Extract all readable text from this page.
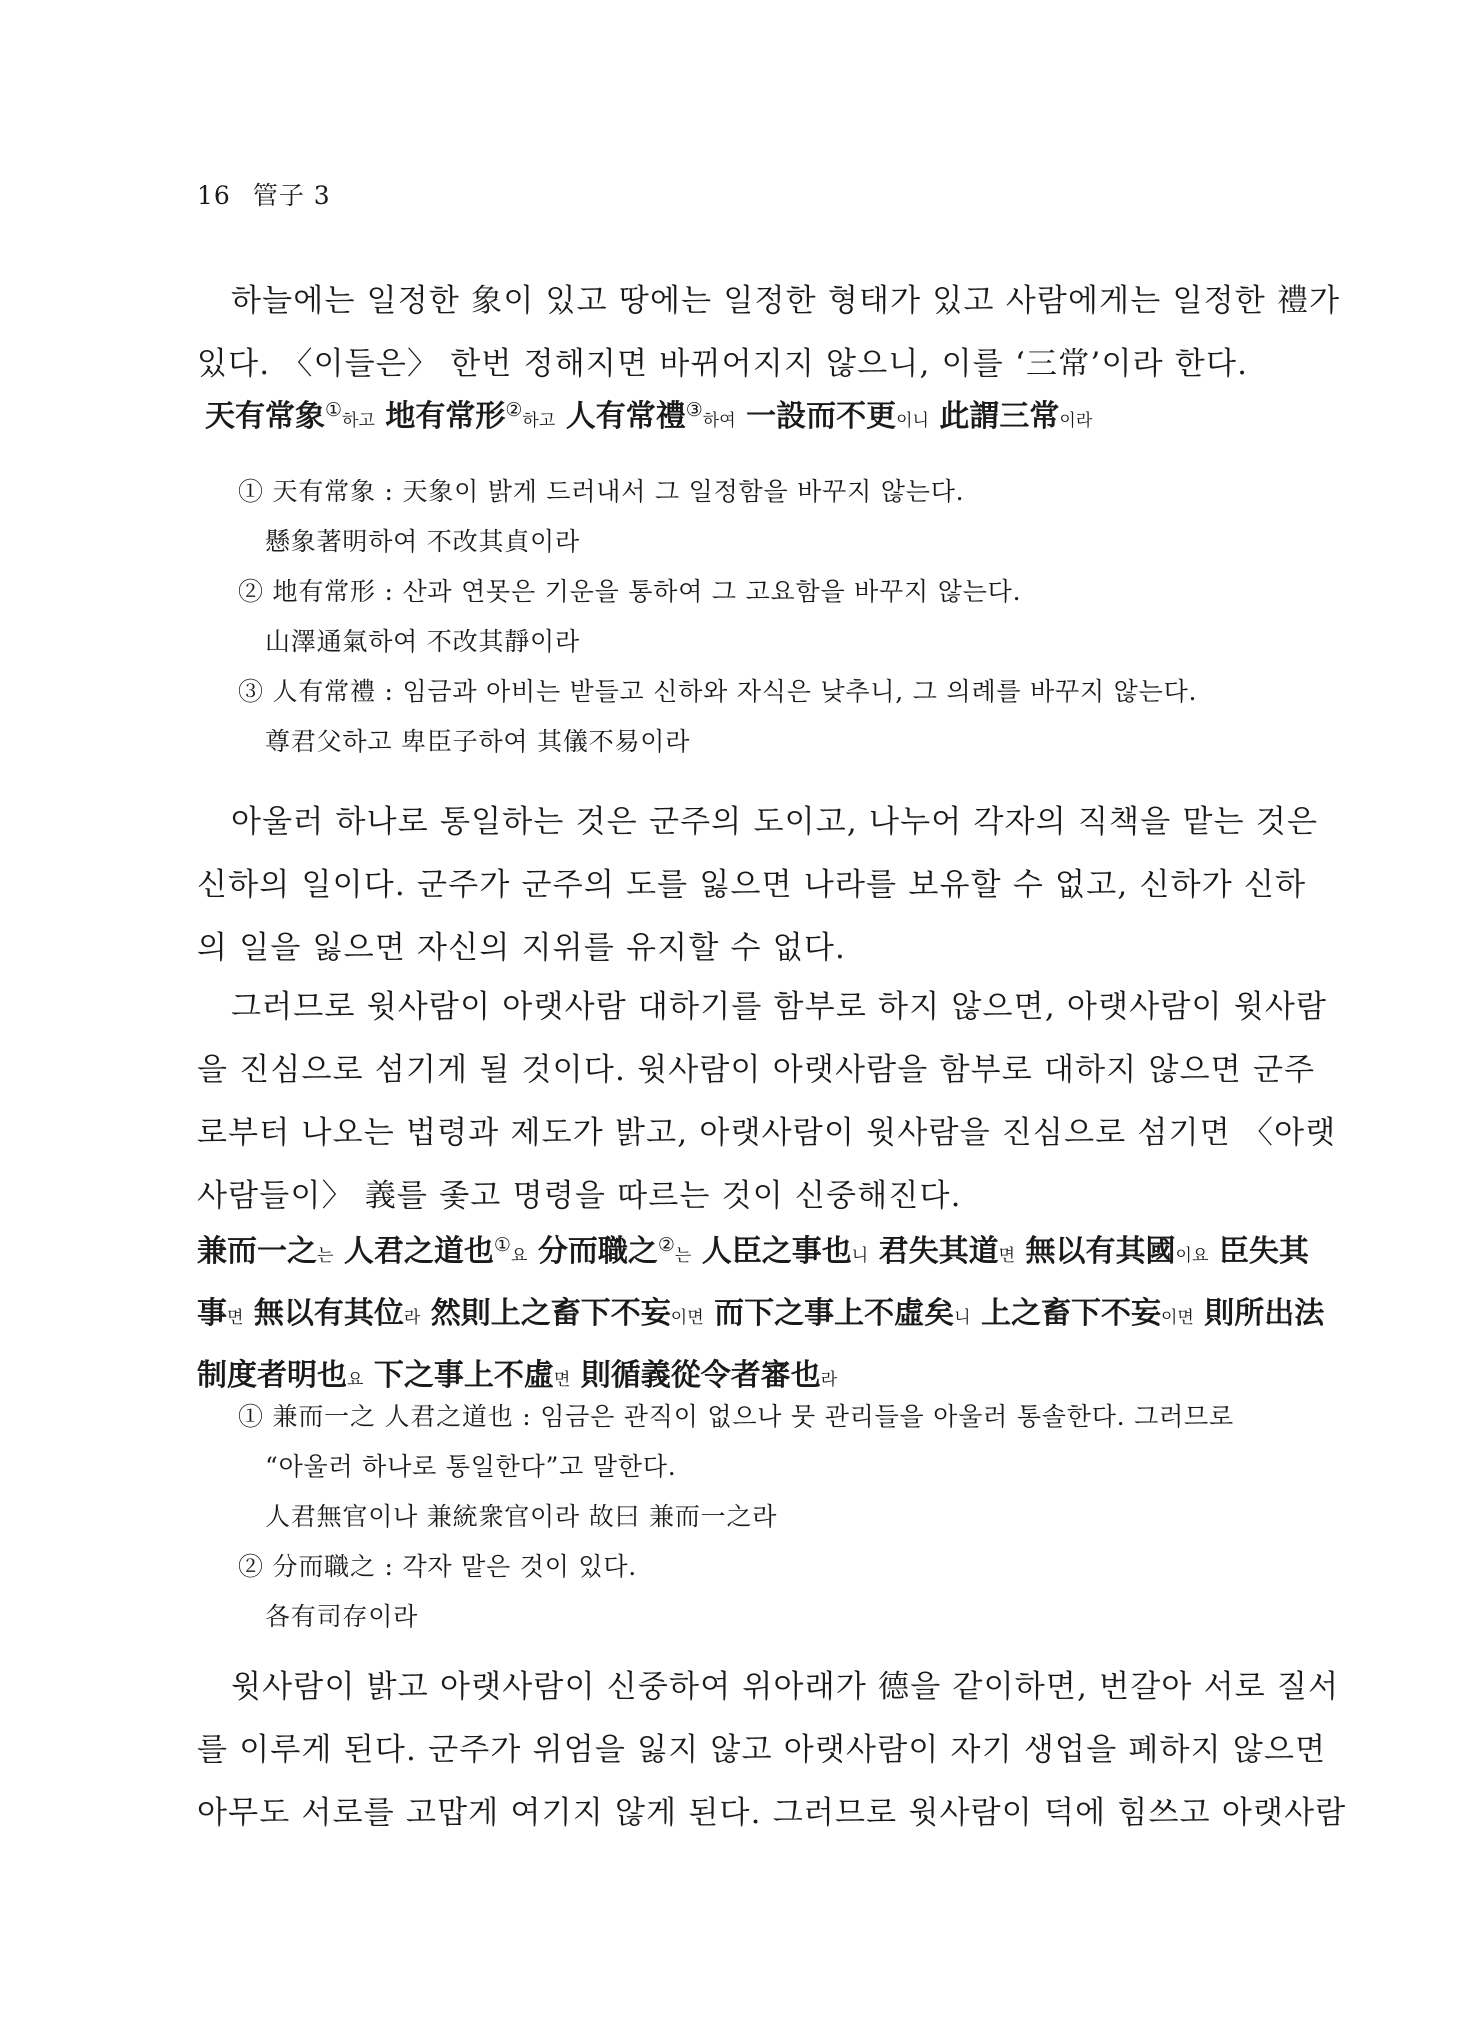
16 管子 3
하늘에는 일정한 象이 있고 땅에는 일정한 형태가 있고 사람에게는 일정한 禮가
있다. 〈이들은〉 한번 정해지면 바뀌어지지 않으니, 이를 ‘三常’이라 한다.
天有常象①하고 地有常形②하고 人有常禮③하여 一設而不更이니 此謂三常이라
① 天有常象 : 天象이 밝게 드러내서 그 일정함을 바꾸지 않는다.
懸象著明하여 不改其貞이라
② 地有常形 : 산과 연못은 기운을 통하여 그 고요함을 바꾸지 않는다.
山澤通氣하여 不改其靜이라
③ 人有常禮 : 임금과 아비는 받들고 신하와 자식은 낮추니, 그 의례를 바꾸지 않는다.
尊君父하고 卑臣子하여 其儀不易이라
아울러 하나로 통일하는 것은 군주의 도이고, 나누어 각자의 직책을 맡는 것은
신하의 일이다. 군주가 군주의 도를 잃으면 나라를 보유할 수 없고, 신하가 신하
의 일을 잃으면 자신의 지위를 유지할 수 없다.
그러므로 윗사람이 아랫사람 대하기를 함부로 하지 않으면, 아랫사람이 윗사람
을 진심으로 섬기게 될 것이다. 윗사람이 아랫사람을 함부로 대하지 않으면 군주
로부터 나오는 법령과 제도가 밝고, 아랫사람이 윗사람을 진심으로 섬기면 〈아랫
사람들이〉 義를 좇고 명령을 따르는 것이 신중해진다.
兼而一之는 人君之道也①요 分而職之②는 人臣之事也니 君失其道면 無以有其國이요 臣失其
事면 無以有其位라 然則上之畜下不妄이면 而下之事上不虛矣니 上之畜下不妄이면 則所出法
制度者明也요 下之事上不虛면 則循義從令者審也라
① 兼而一之 人君之道也 : 임금은 관직이 없으나 뭇 관리들을 아울러 통솔한다. 그러므로
“아울러 하나로 통일한다”고 말한다.
人君無官이나 兼統衆官이라 故曰 兼而一之라
② 分而職之 : 각자 맡은 것이 있다.
各有司存이라
윗사람이 밝고 아랫사람이 신중하여 위아래가 德을 같이하면, 번갈아 서로 질서
를 이루게 된다. 군주가 위엄을 잃지 않고 아랫사람이 자기 생업을 폐하지 않으면
아무도 서로를 고맙게 여기지 않게 된다. 그러므로 윗사람이 덕에 힘쓰고 아랫사람
